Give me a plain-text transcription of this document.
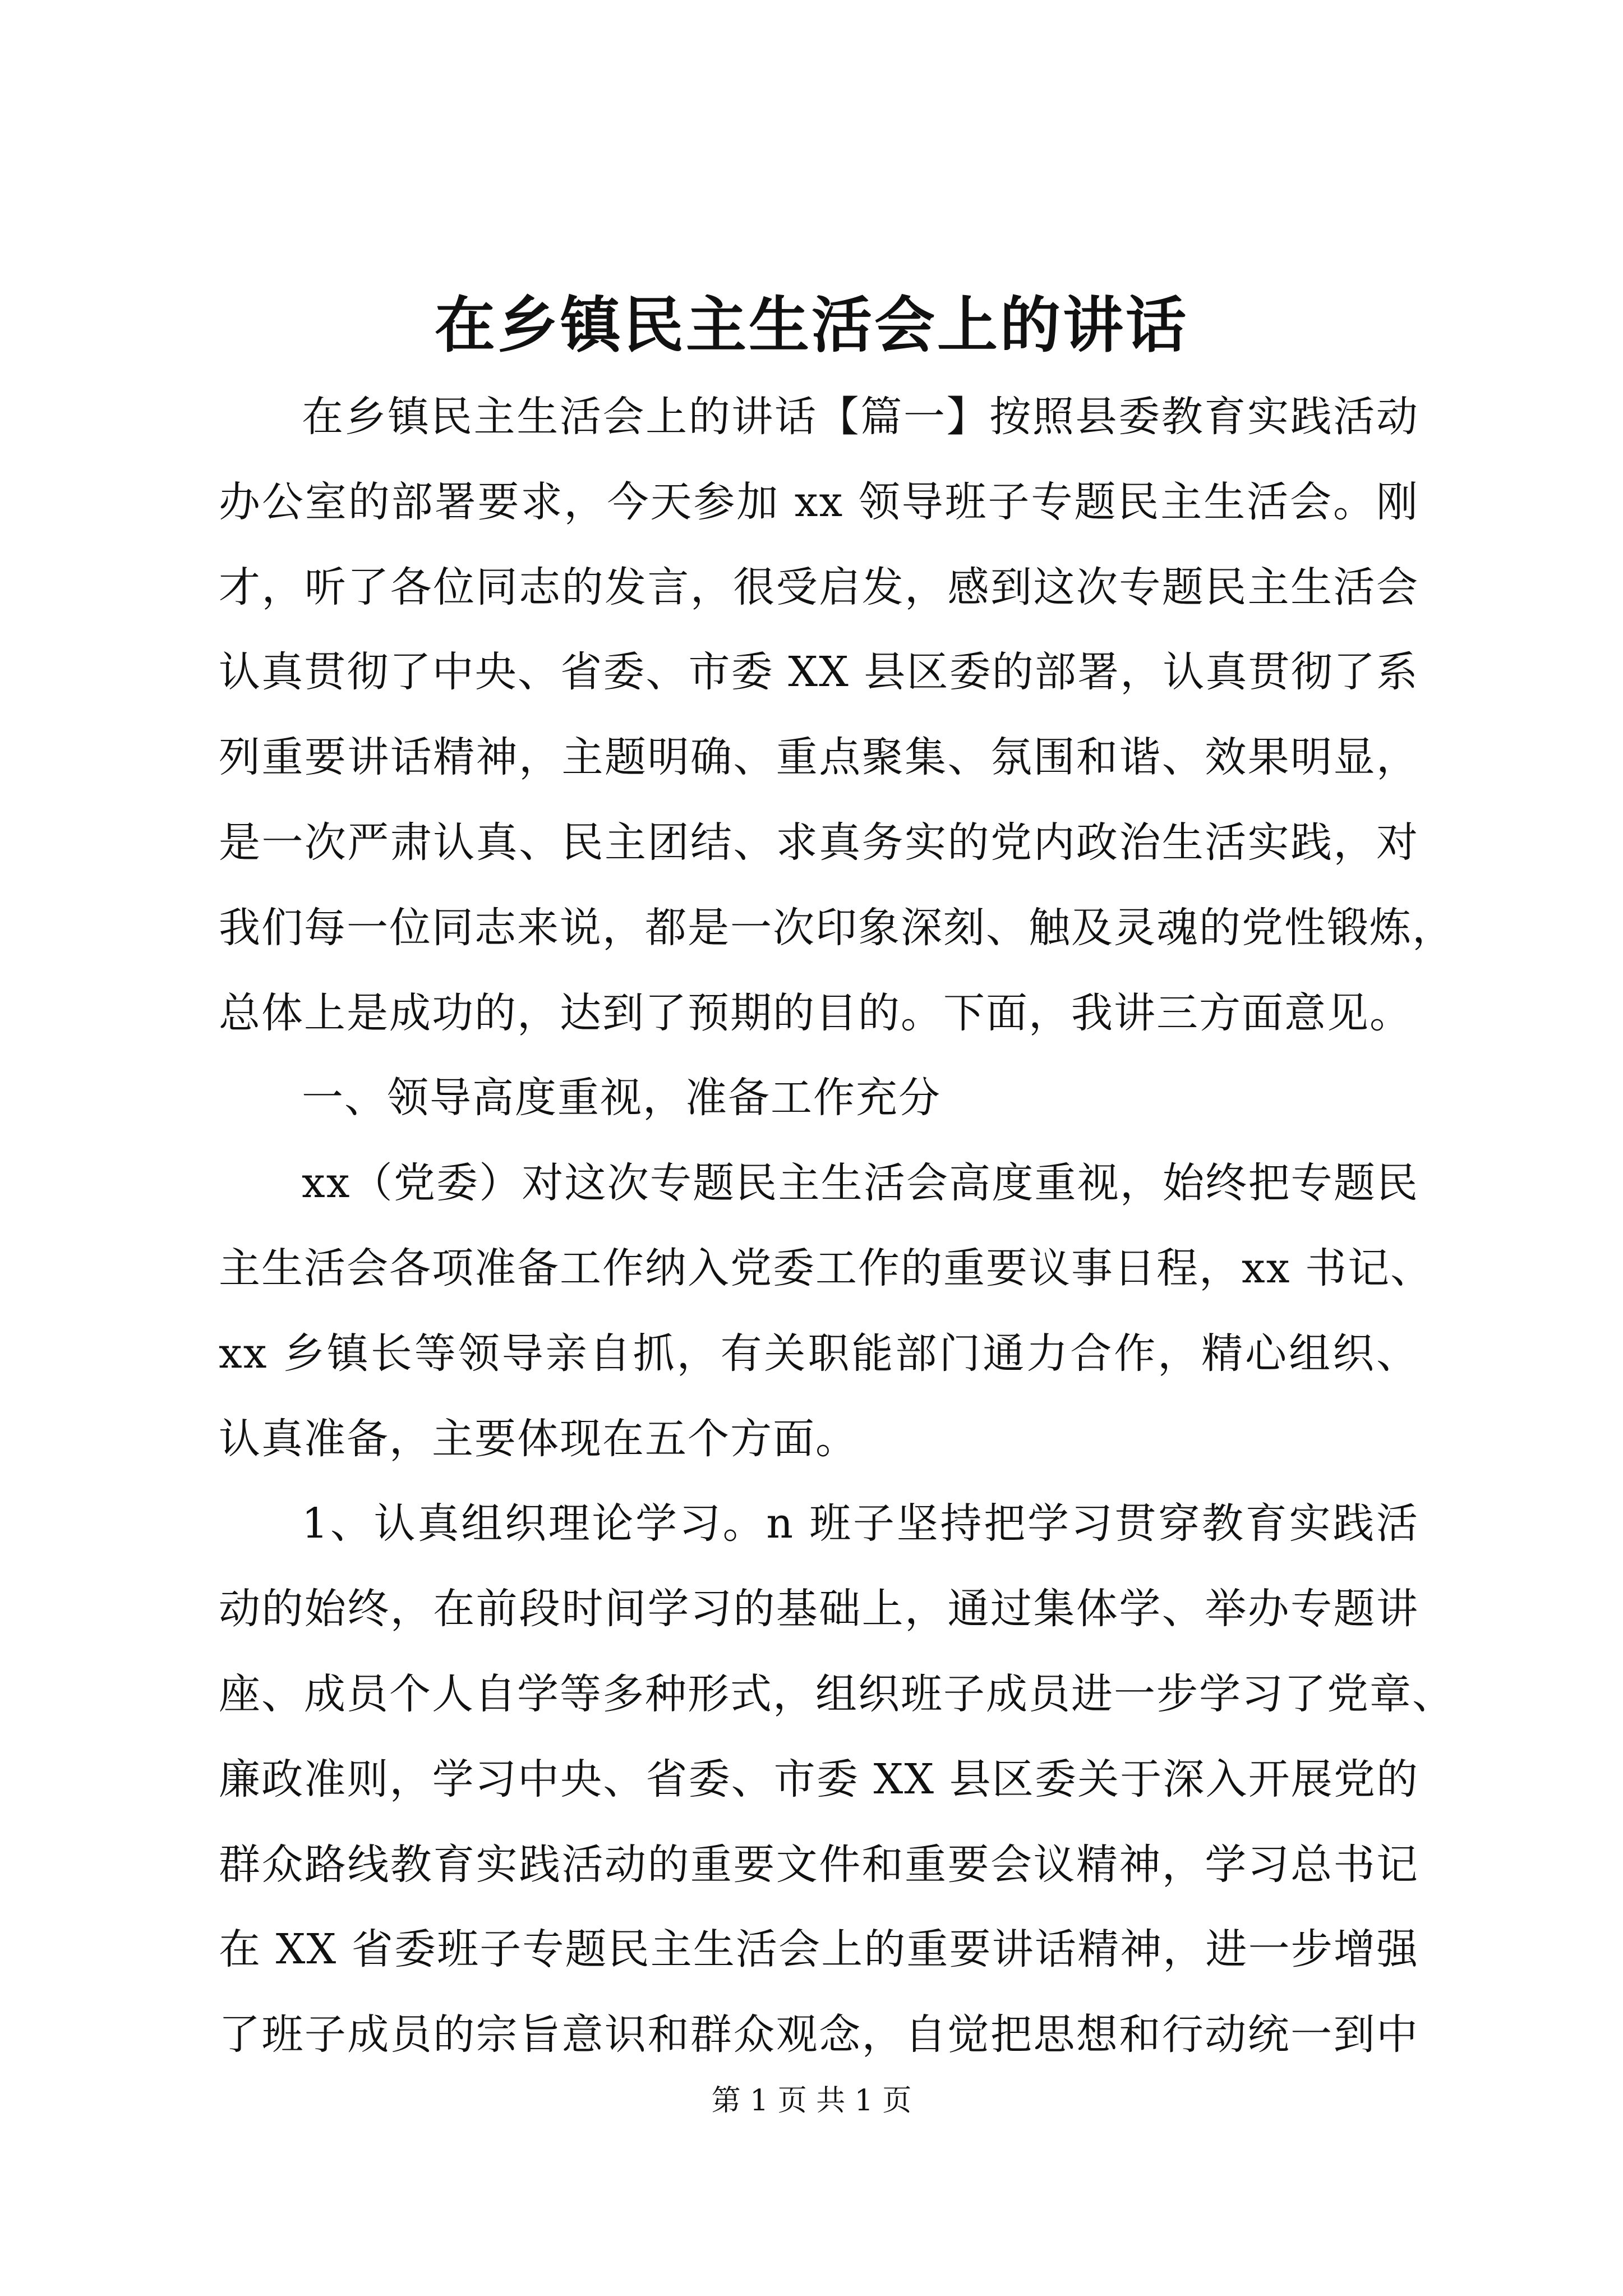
在乡镇民主生活会上的讲话
在乡镇民主生活会上的讲话【篇一】按照县委教育实践活动
办公室的部署要求，今天参加 xx 领导班子专题民主生活会。刚
才，听了各位同志的发言，很受启发，感到这次专题民主生活会
认真贯彻了中央、省委、市委 XX 县区委的部署，认真贯彻了系
列重要讲话精神，主题明确、重点聚集、氛围和谐、效果明显，
是一次严肃认真、民主团结、求真务实的党内政治生活实践，对
我们每一位同志来说，都是一次印象深刻、触及灵魂的党性锻炼，
总体上是成功的，达到了预期的目的。下面，我讲三方面意见。
一、领导高度重视，准备工作充分
xx（党委）对这次专题民主生活会高度重视，始终把专题民
主生活会各项准备工作纳入党委工作的重要议事日程，xx 书记、
xx 乡镇长等领导亲自抓，有关职能部门通力合作，精心组织、
认真准备，主要体现在五个方面。
1、认真组织理论学习。n 班子坚持把学习贯穿教育实践活
动的始终，在前段时间学习的基础上，通过集体学、举办专题讲
座、成员个人自学等多种形式，组织班子成员进一步学习了党章、
廉政准则，学习中央、省委、市委 XX 县区委关于深入开展党的
群众路线教育实践活动的重要文件和重要会议精神，学习总书记
在 XX 省委班子专题民主生活会上的重要讲话精神，进一步增强
了班子成员的宗旨意识和群众观念，自觉把思想和行动统一到中
第 1 页 共 1 页
